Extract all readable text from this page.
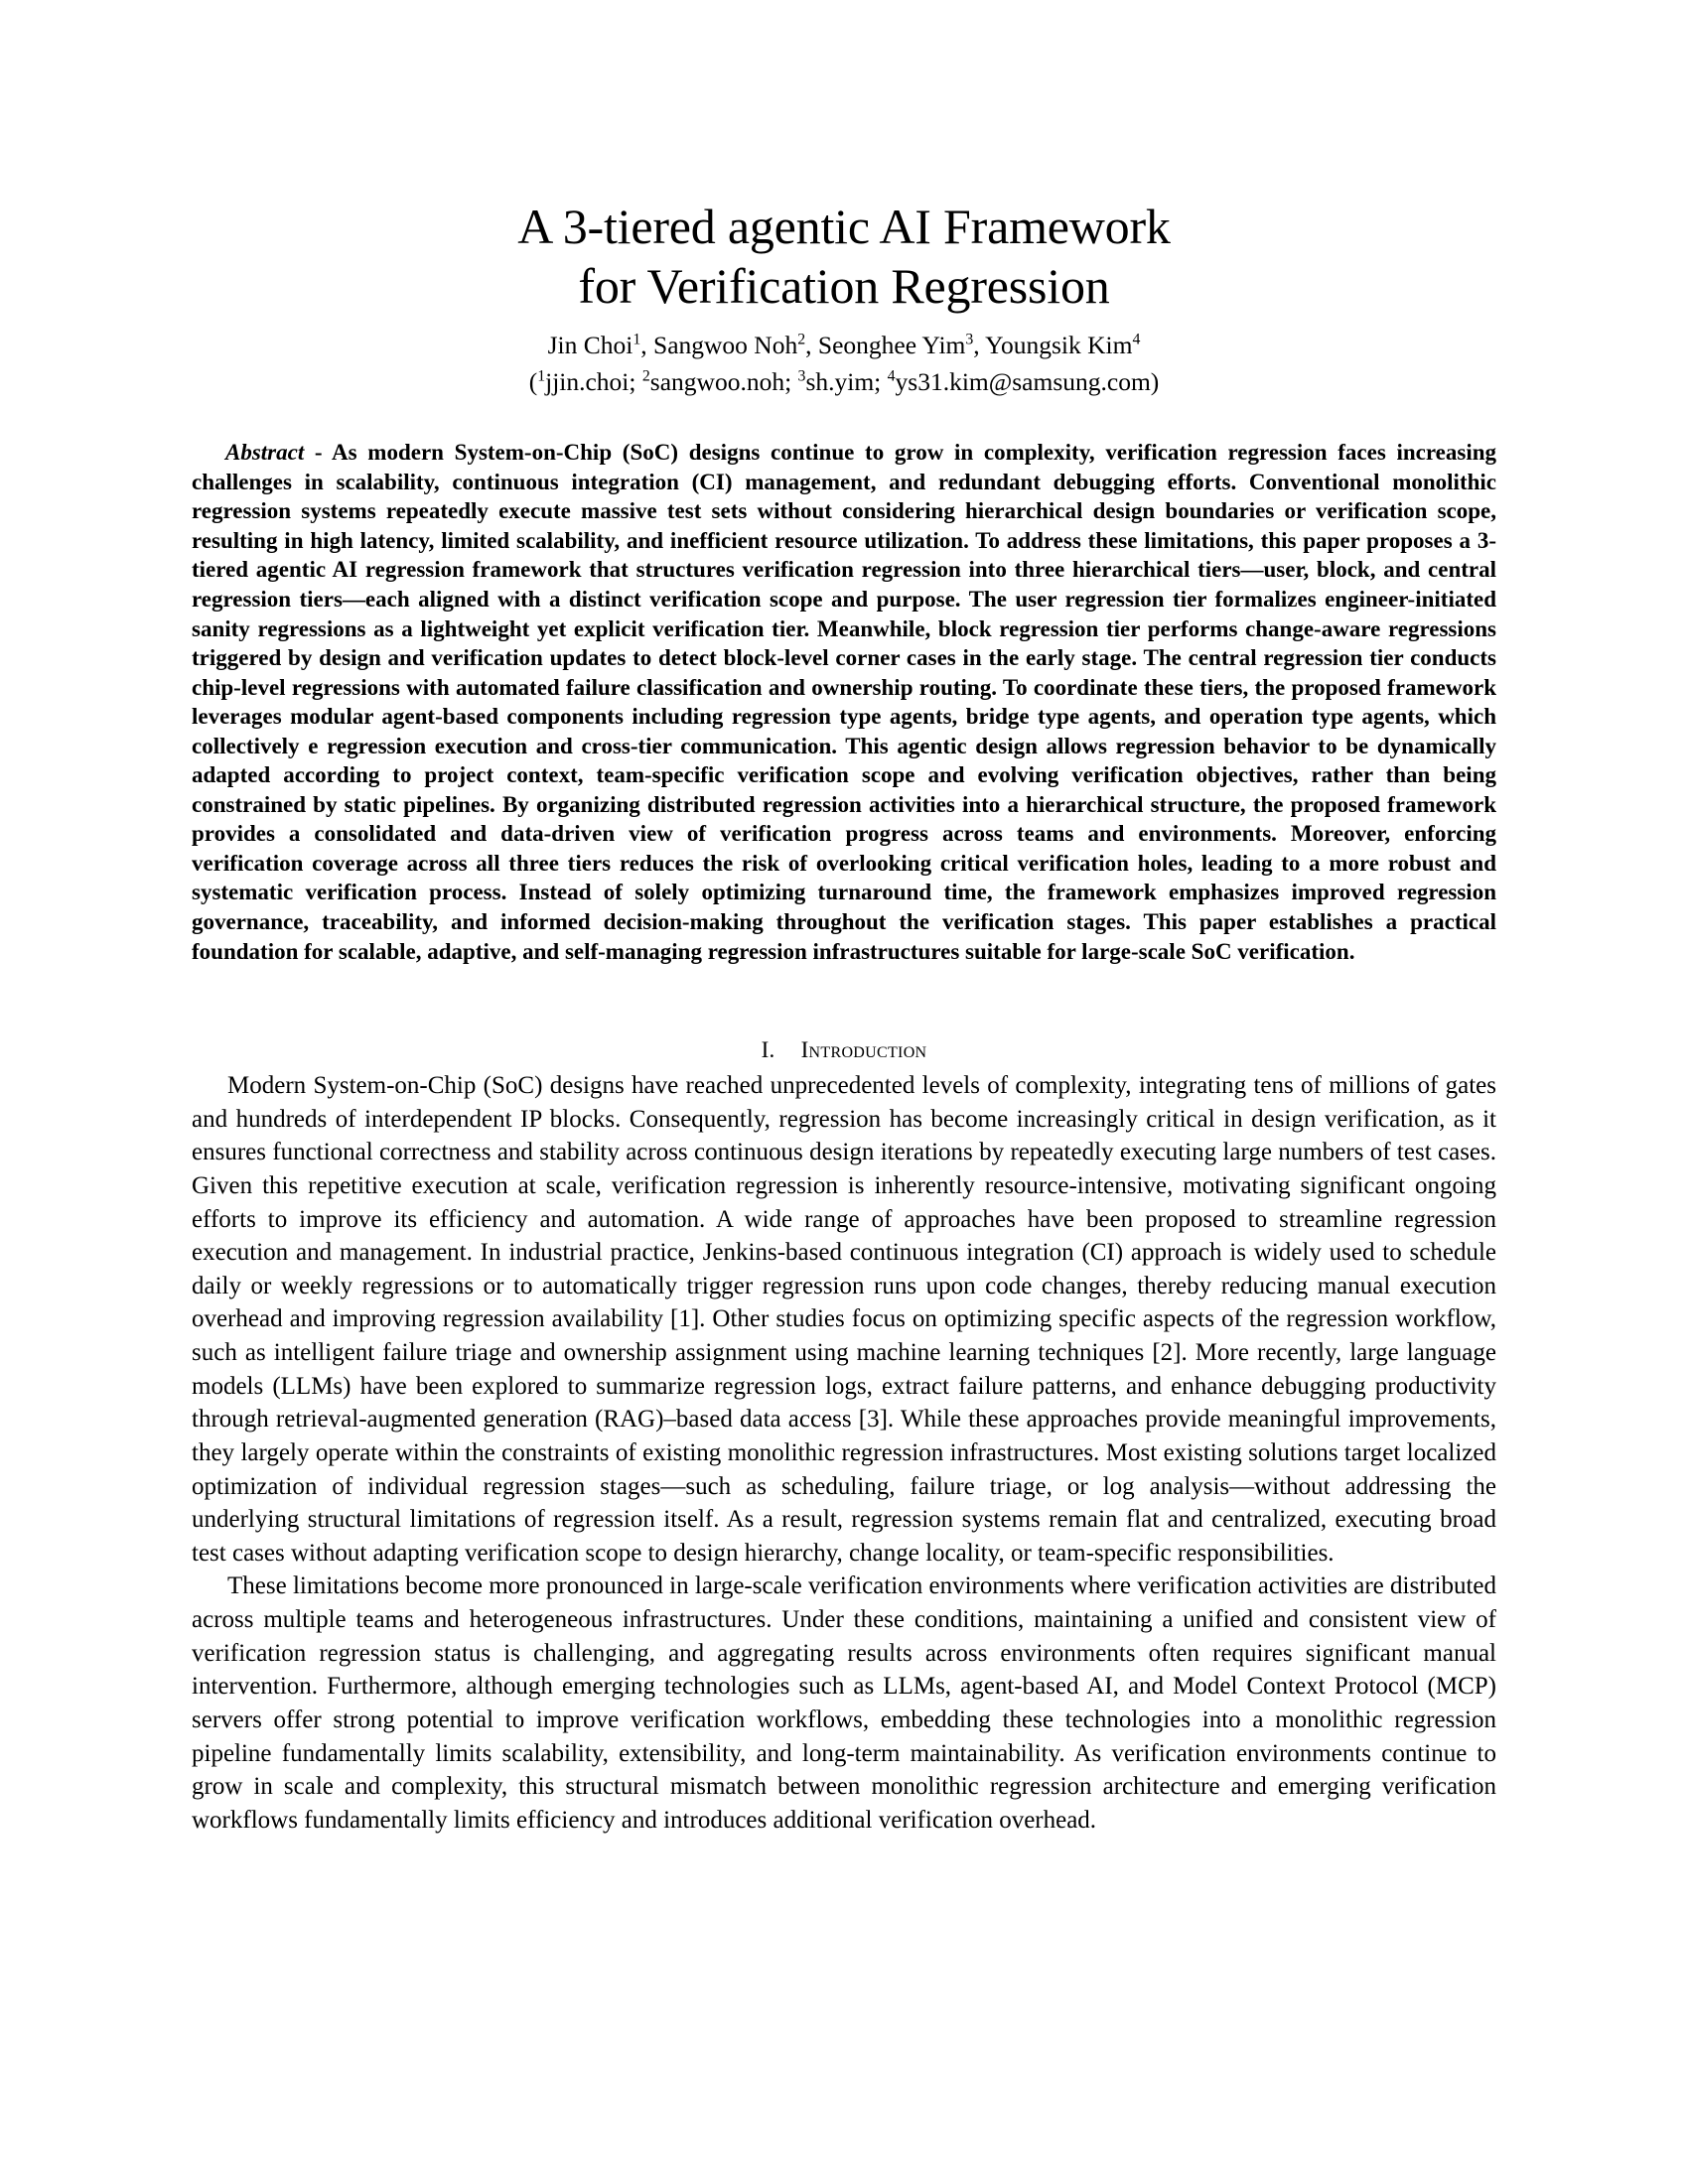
A 3-tiered agentic AI Framework
for Verification Regression
Jin Choi$^1$, Sangwoo Noh$^2$, Seonghee Yim$^3$, Youngsik Kim$^4$
($^1$jjin.choi; $^2$sangwoo.noh; $^3$sh.yim; $^4$ys31.kim@samsung.com)

Abstract - As modern System-on-Chip (SoC) designs continue to grow in complexity, verification regression faces increasing challenges in scalability, continuous integration (CI) management, and redundant debugging efforts. Conventional monolithic regression systems repeatedly execute massive test sets without considering hierarchical design boundaries or verification scope, resulting in high latency, limited scalability, and inefficient resource utilization. To address these limitations, this paper proposes a 3-tiered agentic AI regression framework that structures verification regression into three hierarchical tiers—user, block, and central regression tiers—each aligned with a distinct verification scope and purpose. The user regression tier formalizes engineer-initiated sanity regressions as a lightweight yet explicit verification tier. Meanwhile, block regression tier performs change-aware regressions triggered by design and verification updates to detect block-level corner cases in the early stage. The central regression tier conducts chip-level regressions with automated failure classification and ownership routing. To coordinate these tiers, the proposed framework leverages modular agent-based components including regression type agents, bridge type agents, and operation type agents, which collectively e regression execution and cross-tier communication. This agentic design allows regression behavior to be dynamically adapted according to project context, team-specific verification scope and evolving verification objectives, rather than being constrained by static pipelines. By organizing distributed regression activities into a hierarchical structure, the proposed framework provides a consolidated and data-driven view of verification progress across teams and environments. Moreover, enforcing verification coverage across all three tiers reduces the risk of overlooking critical verification holes, leading to a more robust and systematic verification process. Instead of solely optimizing turnaround time, the framework emphasizes improved regression governance, traceability, and informed decision-making throughout the verification stages. This paper establishes a practical foundation for scalable, adaptive, and self-managing regression infrastructures suitable for large-scale SoC verification.

I. Introduction

Modern System-on-Chip (SoC) designs have reached unprecedented levels of complexity, integrating tens of millions of gates and hundreds of interdependent IP blocks. Consequently, regression has become increasingly critical in design verification, as it ensures functional correctness and stability across continuous design iterations by repeatedly executing large numbers of test cases. Given this repetitive execution at scale, verification regression is inherently resource-intensive, motivating significant ongoing efforts to improve its efficiency and automation. A wide range of approaches have been proposed to streamline regression execution and management. In industrial practice, Jenkins-based continuous integration (CI) approach is widely used to schedule daily or weekly regressions or to automatically trigger regression runs upon code changes, thereby reducing manual execution overhead and improving regression availability [1]. Other studies focus on optimizing specific aspects of the regression workflow, such as intelligent failure triage and ownership assignment using machine learning techniques [2]. More recently, large language models (LLMs) have been explored to summarize regression logs, extract failure patterns, and enhance debugging productivity through retrieval-augmented generation (RAG)–based data access [3]. While these approaches provide meaningful improvements, they largely operate within the constraints of existing monolithic regression infrastructures. Most existing solutions target localized optimization of individual regression stages—such as scheduling, failure triage, or log analysis—without addressing the underlying structural limitations of regression itself. As a result, regression systems remain flat and centralized, executing broad test cases without adapting verification scope to design hierarchy, change locality, or team-specific responsibilities.

These limitations become more pronounced in large-scale verification environments where verification activities are distributed across multiple teams and heterogeneous infrastructures. Under these conditions, maintaining a unified and consistent view of verification regression status is challenging, and aggregating results across environments often requires significant manual intervention. Furthermore, although emerging technologies such as LLMs, agent-based AI, and Model Context Protocol (MCP) servers offer strong potential to improve verification workflows, embedding these technologies into a monolithic regression pipeline fundamentally limits scalability, extensibility, and long-term maintainability. As verification environments continue to grow in scale and complexity, this structural mismatch between monolithic regression architecture and emerging verification workflows fundamentally limits efficiency and introduces additional verification overhead.
